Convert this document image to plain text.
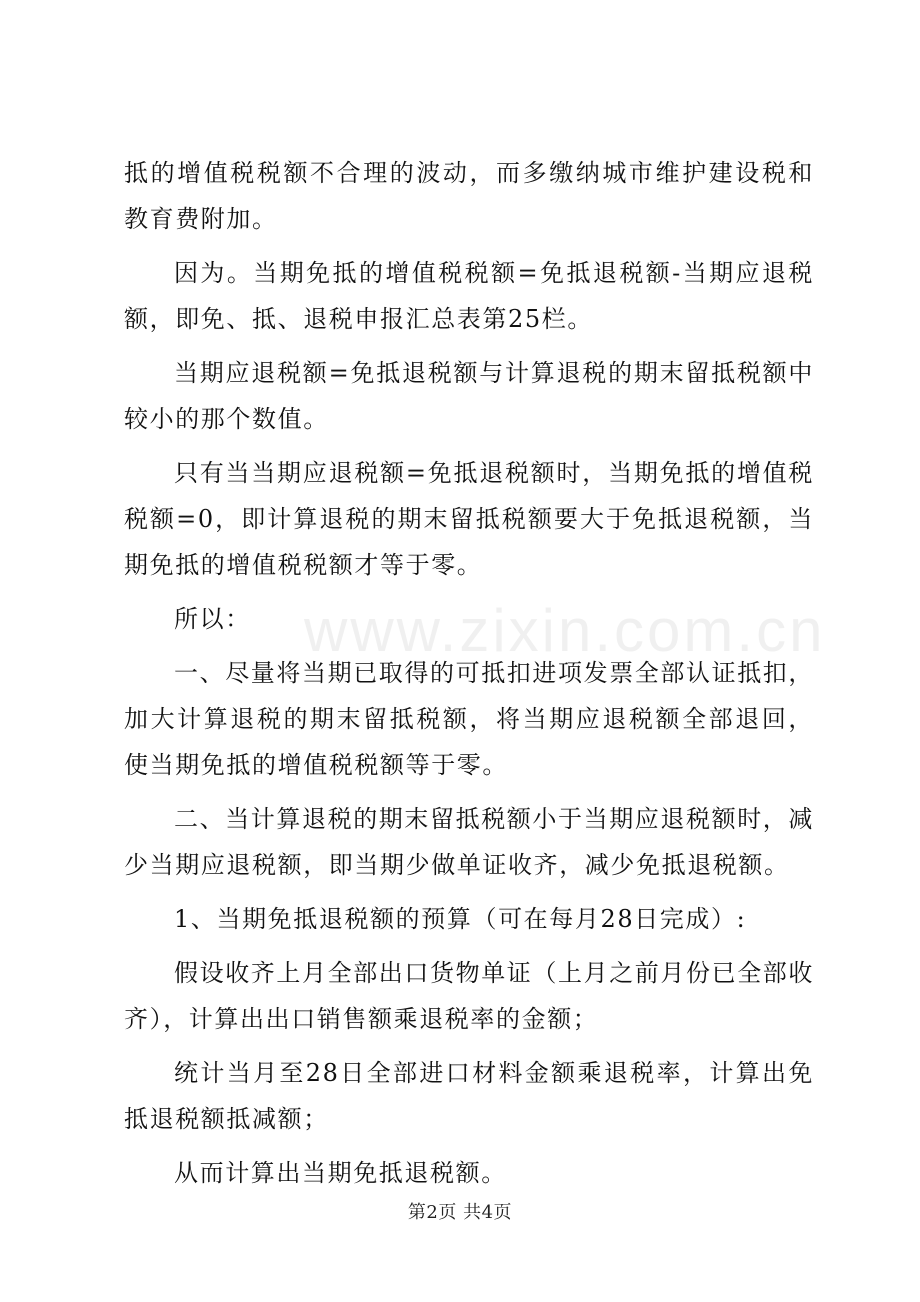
抵的增值税税额不合理的波动，而多缴纳城市维护建设税和教育费附加。

因为。当期免抵的增值税税额=免抵退税额-当期应退税额，即免、抵、退税申报汇总表第25栏。

当期应退税额=免抵退税额与计算退税的期末留抵税额中较小的那个数值。

只有当当期应退税额=免抵退税额时，当期免抵的增值税税额=0，即计算退税的期末留抵税额要大于免抵退税额，当期免抵的增值税税额才等于零。

所以：

一、尽量将当期已取得的可抵扣进项发票全部认证抵扣，加大计算退税的期末留抵税额，将当期应退税额全部退回，使当期免抵的增值税税额等于零。

二、当计算退税的期末留抵税额小于当期应退税额时，减少当期应退税额，即当期少做单证收齐，减少免抵退税额。

1、当期免抵退税额的预算（可在每月28日完成）:

假设收齐上月全部出口货物单证（上月之前月份已全部收齐），计算出出口销售额乘退税率的金额；

统计当月至28日全部进口材料金额乘退税率，计算出免抵退税额抵减额；

从而计算出当期免抵退税额。

www.zixin.com.cn
第2页 共4页
